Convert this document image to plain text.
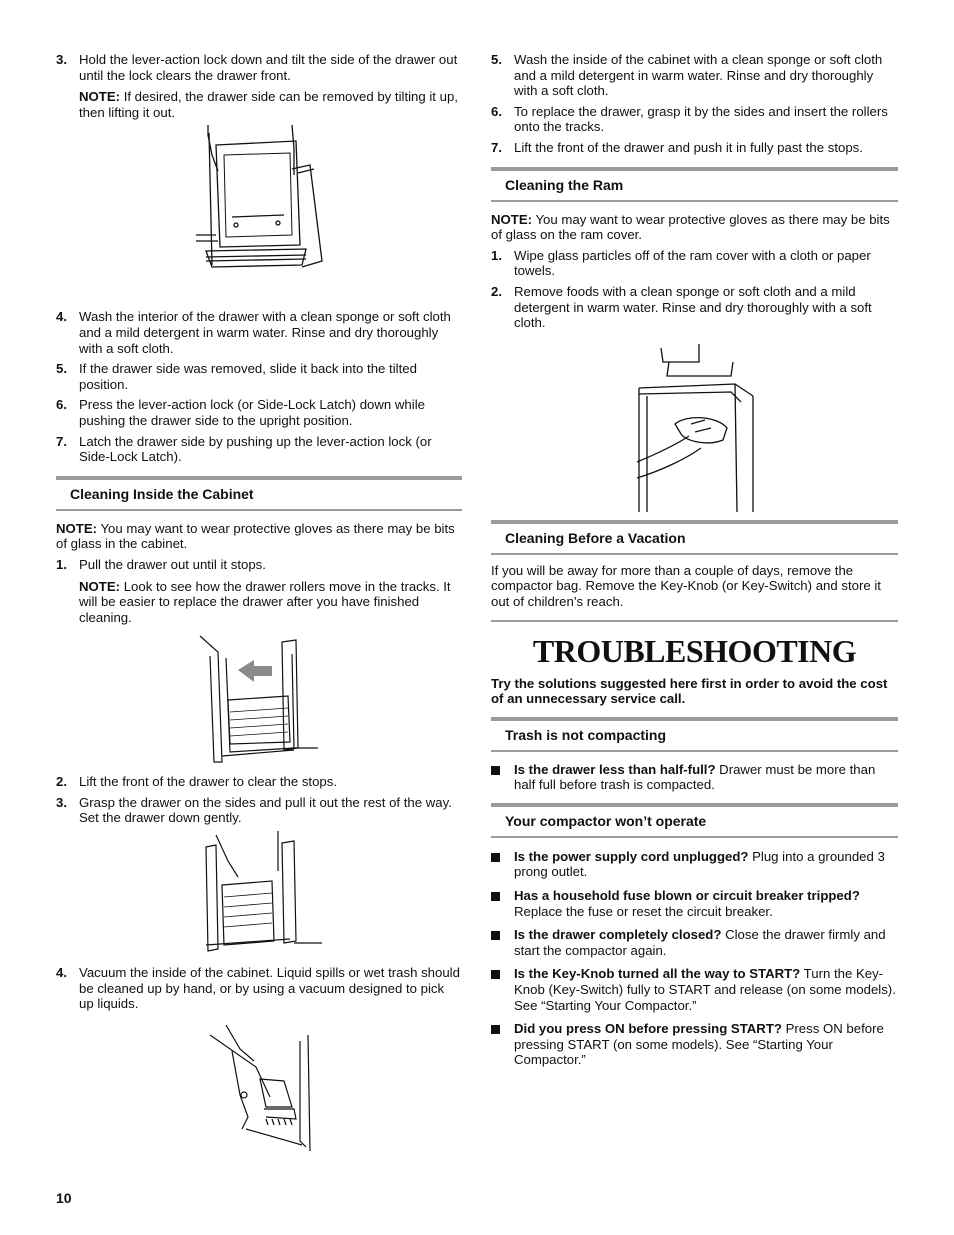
3. Hold the lever-action lock down and tilt the side of the drawer out until the lock clears the drawer front.
NOTE: If desired, the drawer side can be removed by tilting it up, then lifting it out.
4. Wash the interior of the drawer with a clean sponge or soft cloth and a mild detergent in warm water. Rinse and dry thoroughly with a soft cloth.
5. If the drawer side was removed, slide it back into the tilted position.
6. Press the lever-action lock (or Side-Lock Latch) down while pushing the drawer side to the upright position.
7. Latch the drawer side by pushing up the lever-action lock (or Side-Lock Latch).
Cleaning Inside the Cabinet

NOTE: You may want to wear protective gloves as there may be bits of glass in the cabinet.

1. Pull the drawer out until it stops.
NOTE: Look to see how the drawer rollers move in the tracks. It will be easier to replace the drawer after you have finished cleaning.
2. Lift the front of the drawer to clear the stops.
3. Grasp the drawer on the sides and pull it out the rest of the way. Set the drawer down gently.
4. Vacuum the inside of the cabinet. Liquid spills or wet trash should be cleaned up by hand, or by using a vacuum designed to pick up liquids.
5. Wash the inside of the cabinet with a clean sponge or soft cloth and a mild detergent in warm water. Rinse and dry thoroughly with a soft cloth.
6. To replace the drawer, grasp it by the sides and insert the rollers onto the tracks.
7. Lift the front of the drawer and push it in fully past the stops.
Cleaning the Ram

NOTE: You may want to wear protective gloves as there may be bits of glass on the ram cover.

1. Wipe glass particles off of the ram cover with a cloth or paper towels.
2. Remove foods with a clean sponge or soft cloth and a mild detergent in warm water. Rinse and dry thoroughly with a soft cloth.
Cleaning Before a Vacation

If you will be away for more than a couple of days, remove the compactor bag. Remove the Key-Knob (or Key-Switch) and store it out of children’s reach.

TROUBLESHOOTING

Try the solutions suggested here first in order to avoid the cost of an unnecessary service call.

Trash is not compacting
Is the drawer less than half-full? Drawer must be more than half full before trash is compacted.
Your compactor won’t operate
Is the power supply cord unplugged? Plug into a grounded 3 prong outlet.
Has a household fuse blown or circuit breaker tripped? Replace the fuse or reset the circuit breaker.
Is the drawer completely closed? Close the drawer firmly and start the compactor again.
Is the Key-Knob turned all the way to START? Turn the Key-Knob (Key-Switch) fully to START and release (on some models). See “Starting Your Compactor.”
Did you press ON before pressing START? Press ON before pressing START (on some models). See “Starting Your Compactor.”
10
